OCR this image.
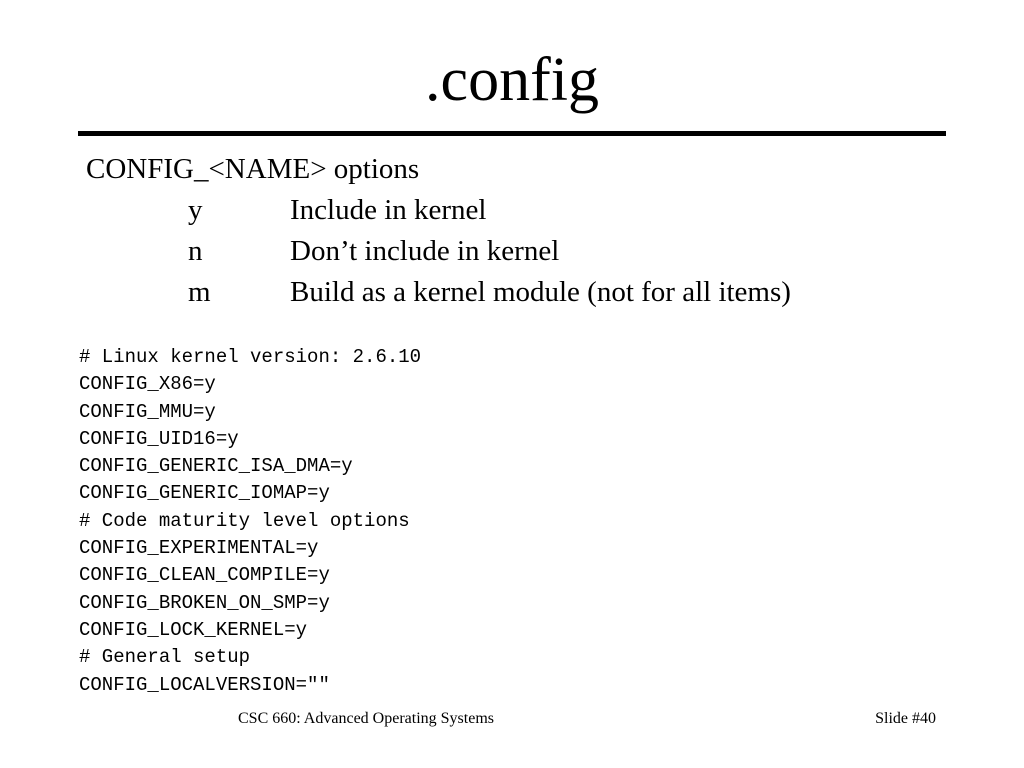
.config
CONFIG_<NAME> options
y	Include in kernel
n	Don’t include in kernel
m	Build as a kernel module (not for all items)
# Linux kernel version: 2.6.10
CONFIG_X86=y
CONFIG_MMU=y
CONFIG_UID16=y
CONFIG_GENERIC_ISA_DMA=y
CONFIG_GENERIC_IOMAP=y
# Code maturity level options
CONFIG_EXPERIMENTAL=y
CONFIG_CLEAN_COMPILE=y
CONFIG_BROKEN_ON_SMP=y
CONFIG_LOCK_KERNEL=y
# General setup
CONFIG_LOCALVERSION=""
CSC 660: Advanced Operating Systems	Slide #40
